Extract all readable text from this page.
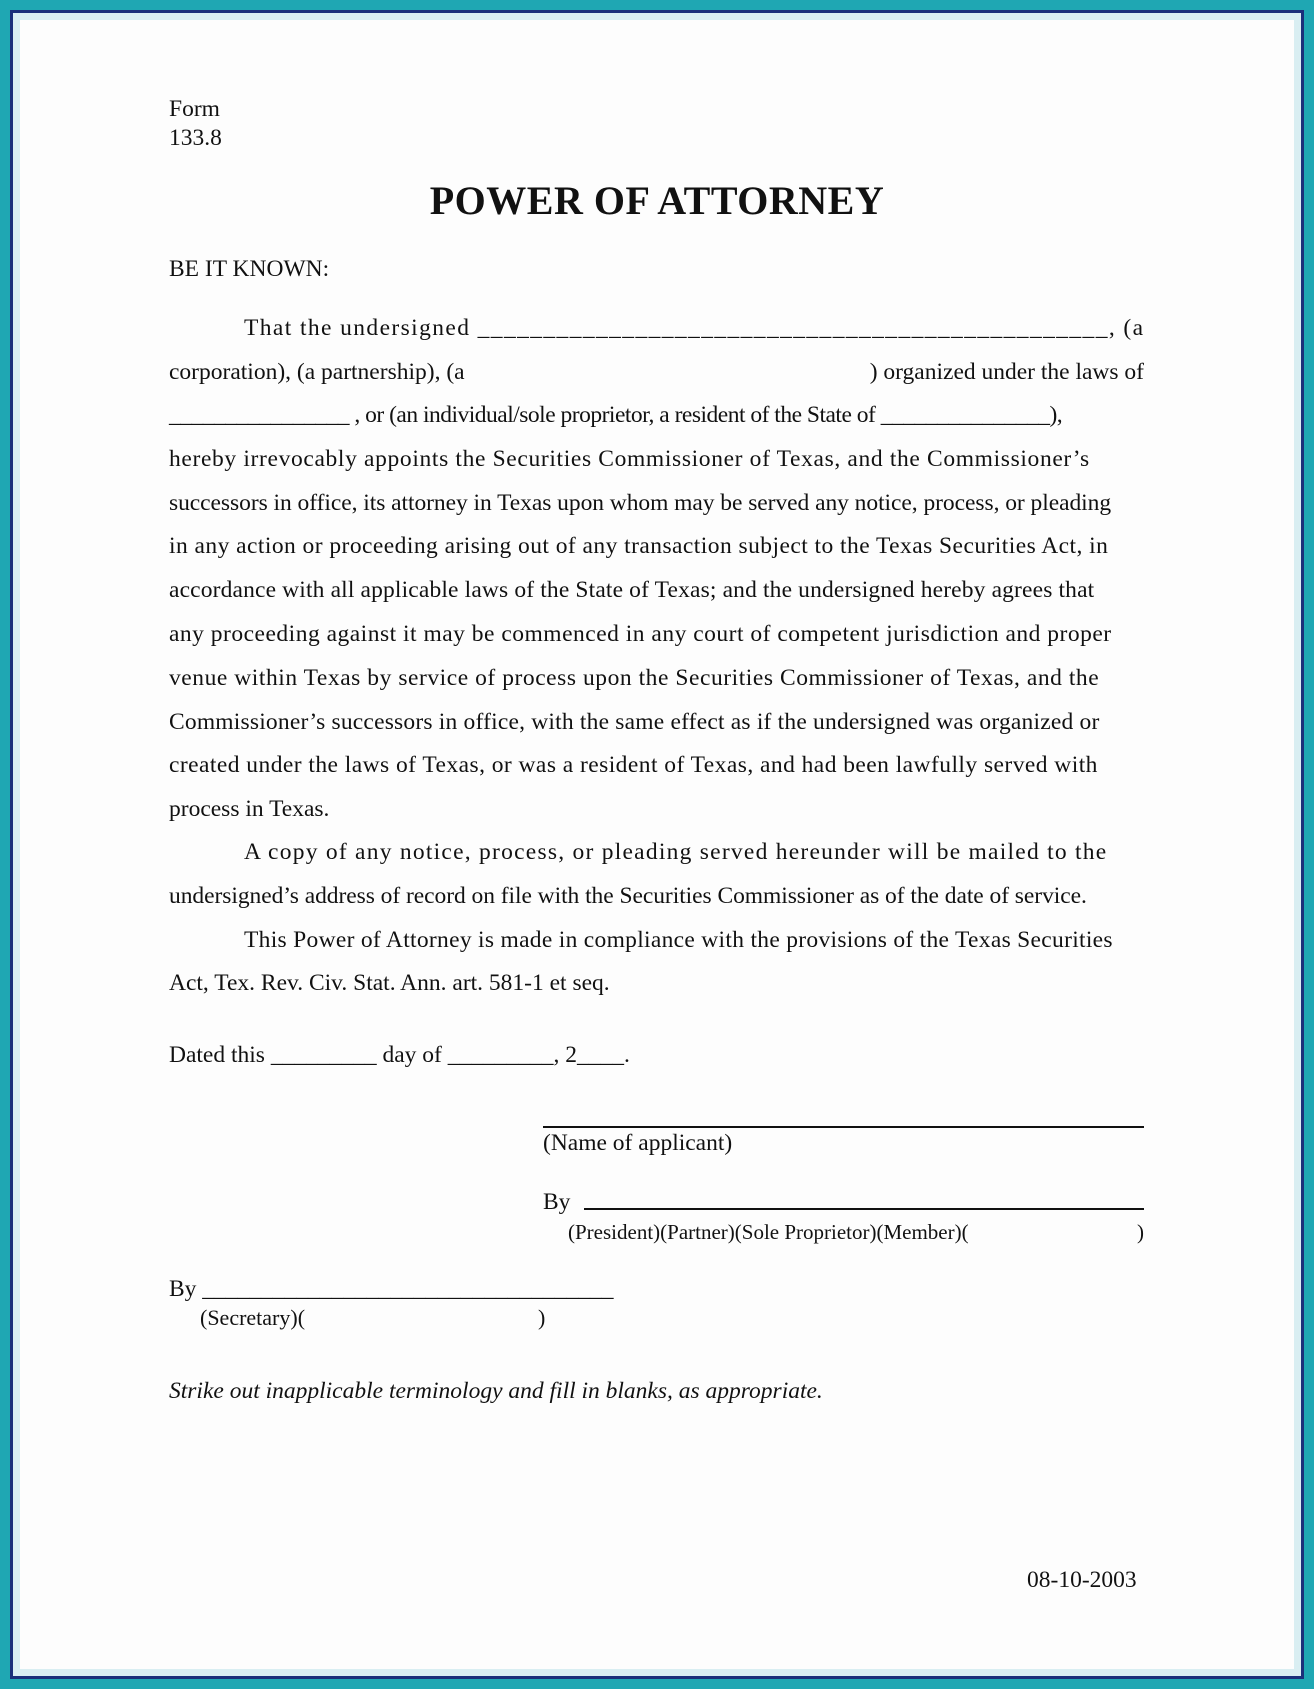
Form
133.8
POWER OF ATTORNEY
BE IT KNOWN:
That the undersigned ________________________________________________, (a
corporation), (a partnership), (a	) organized under the laws of
________________ , or (an individual/sole proprietor, a resident of the State of _______________),
hereby irrevocably appoints the Securities Commissioner of Texas, and the Commissioner’s
successors in office, its attorney in Texas upon whom may be served any notice, process, or pleading
in any action or proceeding arising out of any transaction subject to the Texas Securities Act, in
accordance with all applicable laws of the State of Texas; and the undersigned hereby agrees that
any proceeding against it may be commenced in any court of competent jurisdiction and proper
venue within Texas by service of process upon the Securities Commissioner of Texas, and the
Commissioner’s successors in office, with the same effect as if the undersigned was organized or
created under the laws of Texas, or was a resident of Texas, and had been lawfully served with
process in Texas.
A copy of any notice, process, or pleading served hereunder will be mailed to the
undersigned’s address of record on file with the Securities Commissioner as of the date of service.
This Power of Attorney is made in compliance with the provisions of the Texas Securities
Act, Tex. Rev. Civ. Stat. Ann. art. 581-1 et seq.
Dated this _________ day of _________, 2____.
(Name of applicant)
By
(President)(Partner)(Sole Proprietor)(Member)(	)
By ___________________________________
(Secretary)(	)
Strike out inapplicable terminology and fill in blanks, as appropriate.
08-10-2003
